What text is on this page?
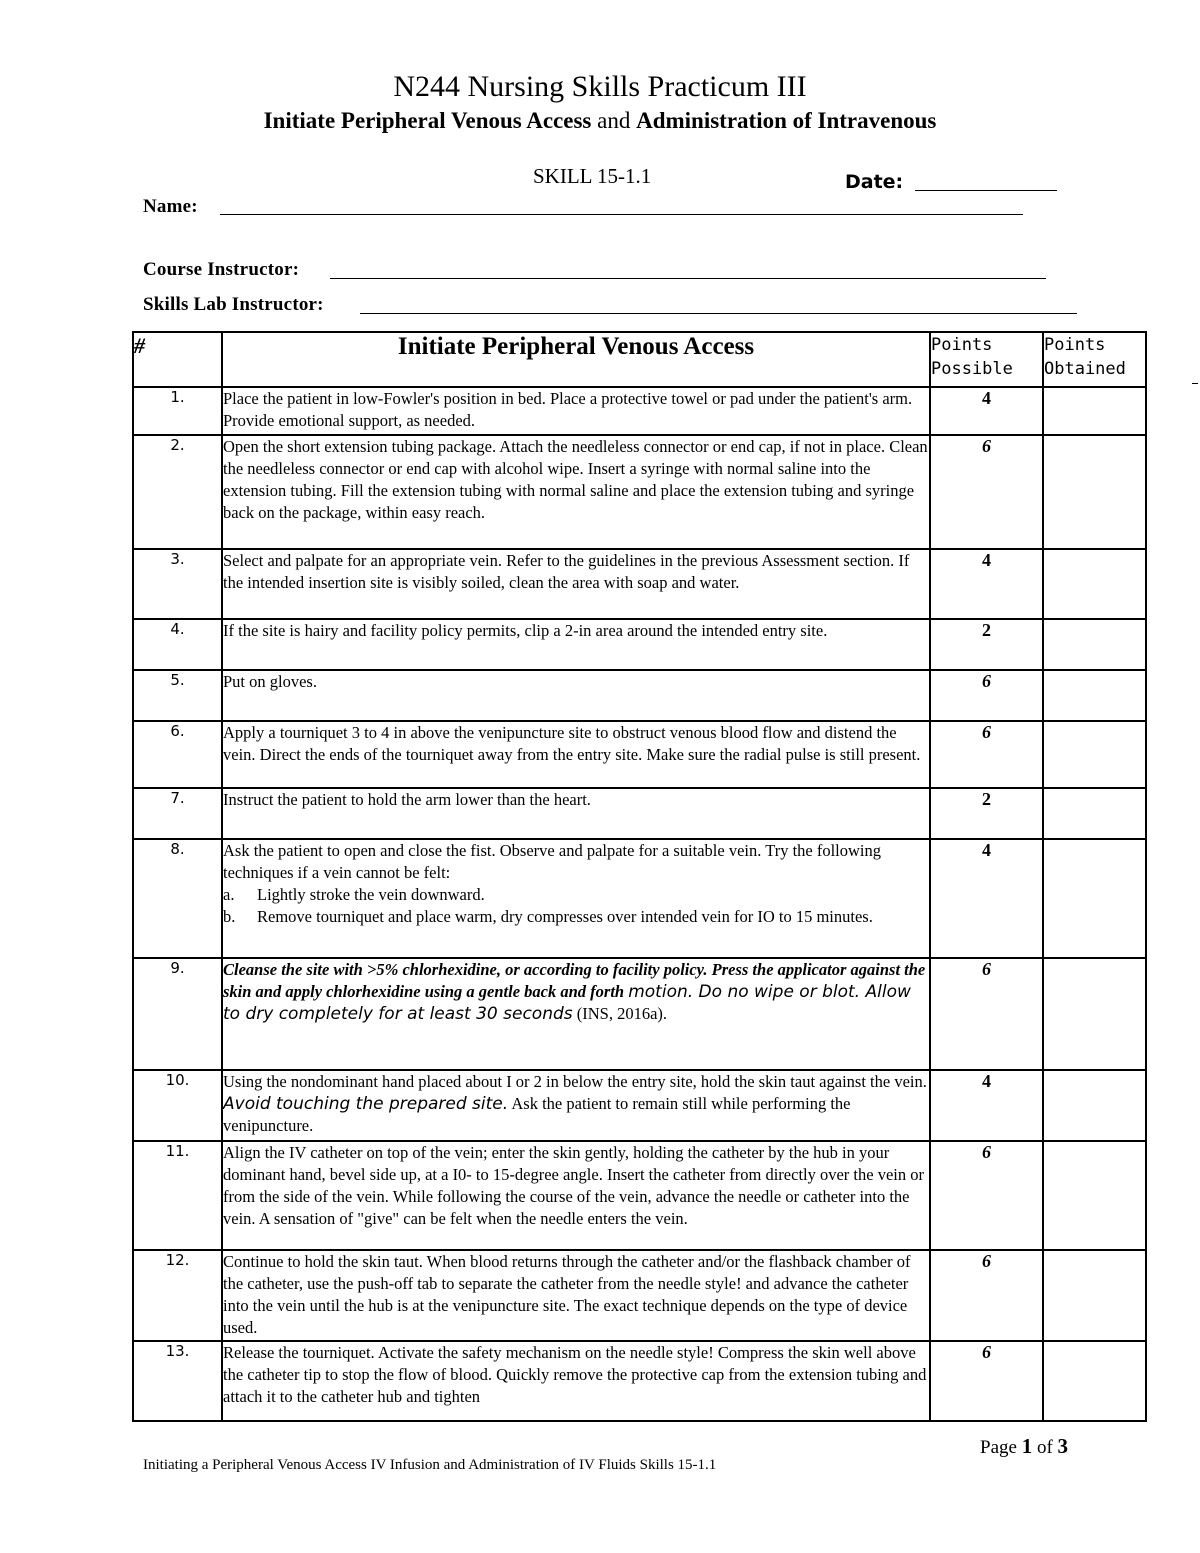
N244 Nursing Skills Practicum III
Initiate Peripheral Venous Access and Administration of Intravenous
SKILL 15-1.1	Date:
Name:
Course Instructor:
Skills Lab Instructor:
#	Initiate Peripheral Venous Access	Points Possible	Points Obtained
1.	Place the patient in low-Fowler's position in bed. Place a protective towel or pad under the patient's arm. Provide emotional support, as needed.	4	
2.	Open the short extension tubing package. Attach the needleless connector or end cap, if not in place. Clean the needleless connector or end cap with alcohol wipe. Insert a syringe with normal saline into the extension tubing. Fill the extension tubing with normal saline and place the extension tubing and syringe back on the package, within easy reach.	6	
3.	Select and palpate for an appropriate vein. Refer to the guidelines in the previous Assessment section. If the intended insertion site is visibly soiled, clean the area with soap and water.	4	
4.	If the site is hairy and facility policy permits, clip a 2-in area around the intended entry site.	2	
5.	Put on gloves.	6	
6.	Apply a tourniquet 3 to 4 in above the venipuncture site to obstruct venous blood flow and distend the vein. Direct the ends of the tourniquet away from the entry site. Make sure the radial pulse is still present.	6	
7.	Instruct the patient to hold the arm lower than the heart.	2	
8.	Ask the patient to open and close the fist. Observe and palpate for a suitable vein. Try the following techniques if a vein cannot be felt:
a. Lightly stroke the vein downward.
b. Remove tourniquet and place warm, dry compresses over intended vein for IO to 15 minutes.	4	
9.	Cleanse the site with >5% chlorhexidine, or according to facility policy. Press the applicator against the skin and apply chlorhexidine using a gentle back and forth motion. Do no wipe or blot. Allow to dry completely for at least 30 seconds (INS, 2016a).	6	
10.	Using the nondominant hand placed about I or 2 in below the entry site, hold the skin taut against the vein. Avoid touching the prepared site. Ask the patient to remain still while performing the venipuncture.	4	
11.	Align the IV catheter on top of the vein; enter the skin gently, holding the catheter by the hub in your dominant hand, bevel side up, at a I0- to 15-degree angle. Insert the catheter from directly over the vein or from the side of the vein. While following the course of the vein, advance the needle or catheter into the vein. A sensation of "give" can be felt when the needle enters the vein.	6	
12.	Continue to hold the skin taut. When blood returns through the catheter and/or the flashback chamber of the catheter, use the push-off tab to separate the catheter from the needle style! and advance the catheter into the vein until the hub is at the venipuncture site. The exact technique depends on the type of device used.	6	
13.	Release the tourniquet. Activate the safety mechanism on the needle style! Compress the skin well above the catheter tip to stop the flow of blood. Quickly remove the protective cap from the extension tubing and attach it to the catheter hub and tighten	6	
Page 1 of 3
Initiating a Peripheral Venous Access IV Infusion and Administration of IV Fluids Skills 15-1.1
